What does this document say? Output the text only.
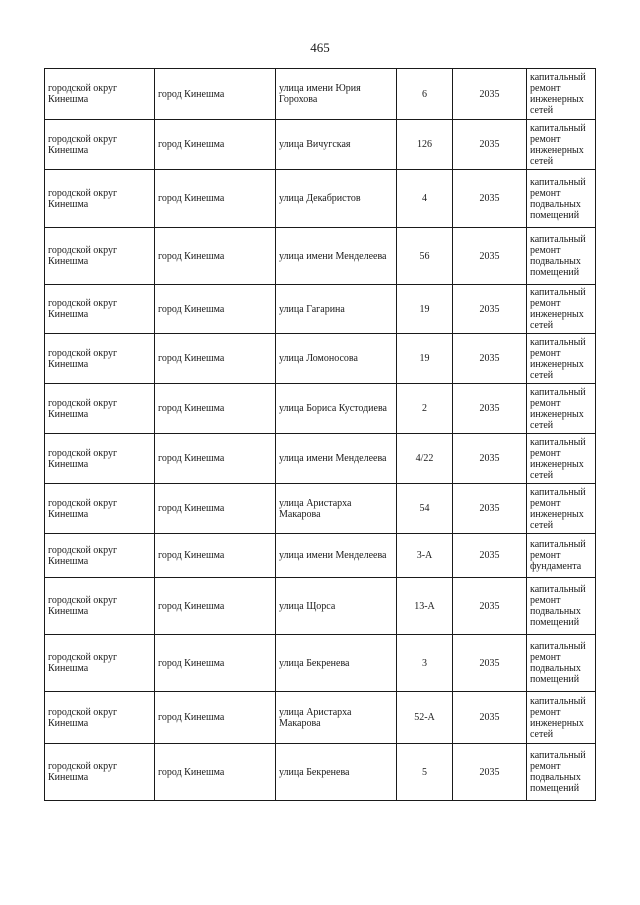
465
городской округ Кинешма	город Кинешма	улица имени Юрия Горохова	6	2035	капитальный ремонт инженерных сетей
городской округ Кинешма	город Кинешма	улица Вичугская	126	2035	капитальный ремонт инженерных сетей
городской округ Кинешма	город Кинешма	улица Декабристов	4	2035	капитальный ремонт подвальных помещений
городской округ Кинешма	город Кинешма	улица имени Менделеева	56	2035	капитальный ремонт подвальных помещений
городской округ Кинешма	город Кинешма	улица Гагарина	19	2035	капитальный ремонт инженерных сетей
городской округ Кинешма	город Кинешма	улица Ломоносова	19	2035	капитальный ремонт инженерных сетей
городской округ Кинешма	город Кинешма	улица Бориса Кустодиева	2	2035	капитальный ремонт инженерных сетей
городской округ Кинешма	город Кинешма	улица имени Менделеева	4/22	2035	капитальный ремонт инженерных сетей
городской округ Кинешма	город Кинешма	улица Аристарха Макарова	54	2035	капитальный ремонт инженерных сетей
городской округ Кинешма	город Кинешма	улица имени Менделеева	3-А	2035	капитальный ремонт фундамента
городской округ Кинешма	город Кинешма	улица Щорса	13-А	2035	капитальный ремонт подвальных помещений
городской округ Кинешма	город Кинешма	улица Бекренева	3	2035	капитальный ремонт подвальных помещений
городской округ Кинешма	город Кинешма	улица Аристарха Макарова	52-А	2035	капитальный ремонт инженерных сетей
городской округ Кинешма	город Кинешма	улица Бекренева	5	2035	капитальный ремонт подвальных помещений
